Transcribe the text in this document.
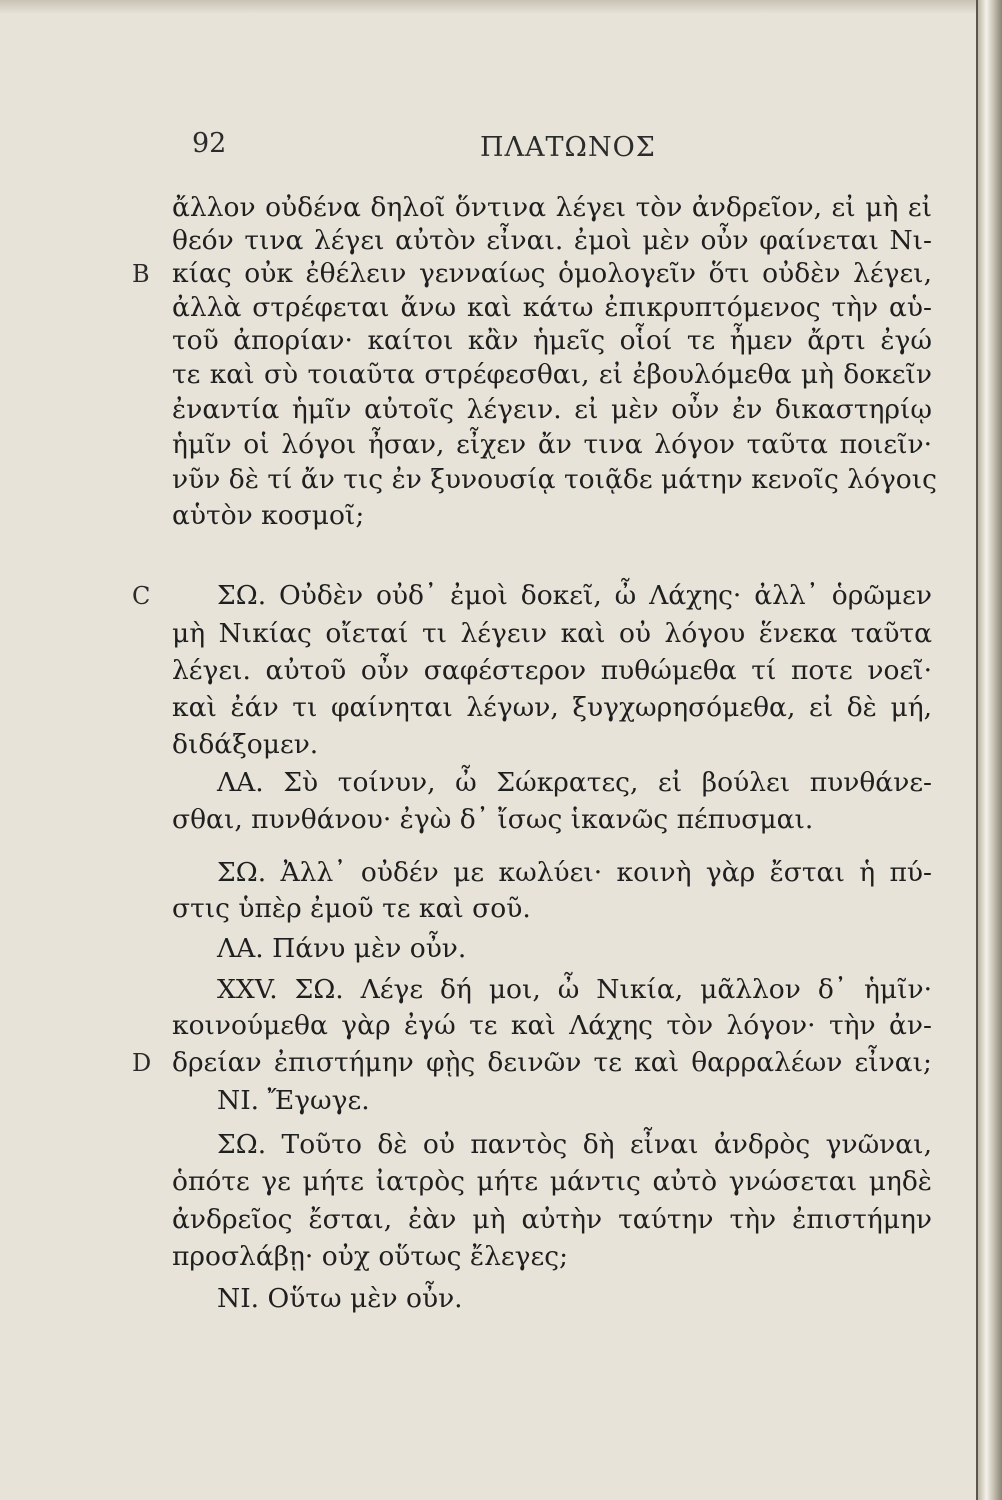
92	ΠΛΑΤΩΝΟΣ
B
C
D
ἄλλον οὐδένα δηλοῖ ὅντινα λέγει τὸν ἀνδρεῖον, εἰ μὴ εἰ
θεόν τινα λέγει αὐτὸν εἶναι. ἐμοὶ μὲν οὖν φαίνεται Νι-
κίας οὐκ ἐθέλειν γενναίως ὁμολογεῖν ὅτι οὐδὲν λέγει,
ἀλλὰ στρέφεται ἄνω καὶ κάτω ἐπικρυπτόμενος τὴν αὑ-
τοῦ ἀπορίαν· καίτοι κἂν ἡμεῖς οἷοί τε ἦμεν ἄρτι ἐγώ
τε καὶ σὺ τοιαῦτα στρέφεσθαι, εἰ ἐβουλόμεθα μὴ δοκεῖν
ἐναντία ἡμῖν αὐτοῖς λέγειν. εἰ μὲν οὖν ἐν δικαστηρίῳ
ἡμῖν οἱ λόγοι ἦσαν, εἶχεν ἄν τινα λόγον ταῦτα ποιεῖν·
νῦν δὲ τί ἄν τις ἐν ξυνουσίᾳ τοιᾷδε μάτην κενοῖς λόγοις
αὑτὸν κοσμοῖ;
ΣΩ. Οὐδὲν οὐδ᾽ ἐμοὶ δοκεῖ, ὦ Λάχης· ἀλλ᾽ ὁρῶμεν
μὴ Νικίας οἴεταί τι λέγειν καὶ οὐ λόγου ἕνεκα ταῦτα
λέγει. αὐτοῦ οὖν σαφέστερον πυθώμεθα τί ποτε νοεῖ·
καὶ ἐάν τι φαίνηται λέγων, ξυγχωρησόμεθα, εἰ δὲ μή,
διδάξομεν.
ΛΑ. Σὺ τοίνυν, ὦ Σώκρατες, εἰ βούλει πυνθάνε-
σθαι, πυνθάνου· ἐγὼ δ᾽ ἴσως ἱκανῶς πέπυσμαι.
ΣΩ. Ἀλλ᾽ οὐδέν με κωλύει· κοινὴ γὰρ ἔσται ἡ πύ-
στις ὑπὲρ ἐμοῦ τε καὶ σοῦ.
ΛΑ. Πάνυ μὲν οὖν.
XXV. ΣΩ. Λέγε δή μοι, ὦ Νικία, μᾶλλον δ᾽ ἡμῖν·
κοινούμεθα γὰρ ἐγώ τε καὶ Λάχης τὸν λόγον· τὴν ἀν-
δρείαν ἐπιστήμην φῂς δεινῶν τε καὶ θαρραλέων εἶναι;
ΝΙ. Ἔγωγε.
ΣΩ. Τοῦτο δὲ οὐ παντὸς δὴ εἶναι ἀνδρὸς γνῶναι,
ὁπότε γε μήτε ἰατρὸς μήτε μάντις αὐτὸ γνώσεται μηδὲ
ἀνδρεῖος ἔσται, ἐὰν μὴ αὐτὴν ταύτην τὴν ἐπιστήμην
προσλάβῃ· οὐχ οὕτως ἔλεγες;
ΝΙ. Οὕτω μὲν οὖν.
